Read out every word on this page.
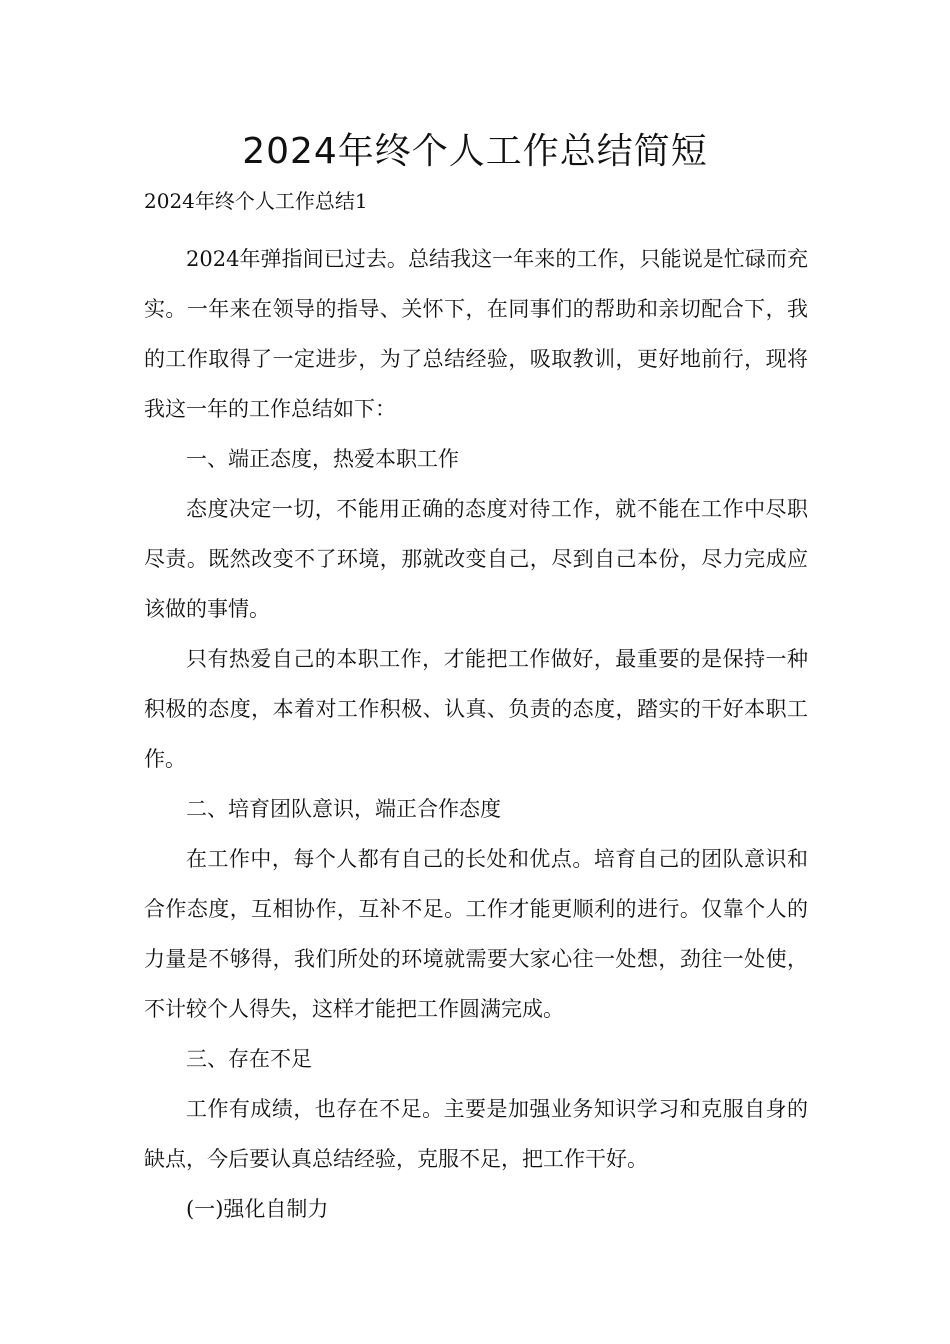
2024年终个人工作总结简短

2024年终个人工作总结1

2024年弹指间已过去。总结我这一年来的工作，只能说是忙碌而充实。一年来在领导的指导、关怀下，在同事们的帮助和亲切配合下，我的工作取得了一定进步，为了总结经验，吸取教训，更好地前行，现将我这一年的工作总结如下：

一、端正态度，热爱本职工作

态度决定一切，不能用正确的态度对待工作，就不能在工作中尽职尽责。既然改变不了环境，那就改变自己，尽到自己本份，尽力完成应该做的事情。

只有热爱自己的本职工作，才能把工作做好，最重要的是保持一种积极的态度，本着对工作积极、认真、负责的态度，踏实的干好本职工作。

二、培育团队意识，端正合作态度

在工作中，每个人都有自己的长处和优点。培育自己的团队意识和合作态度，互相协作，互补不足。工作才能更顺利的进行。仅靠个人的力量是不够得，我们所处的环境就需要大家心往一处想，劲往一处使，不计较个人得失，这样才能把工作圆满完成。

三、存在不足

工作有成绩，也存在不足。主要是加强业务知识学习和克服自身的缺点，今后要认真总结经验，克服不足，把工作干好。

(一)强化自制力
